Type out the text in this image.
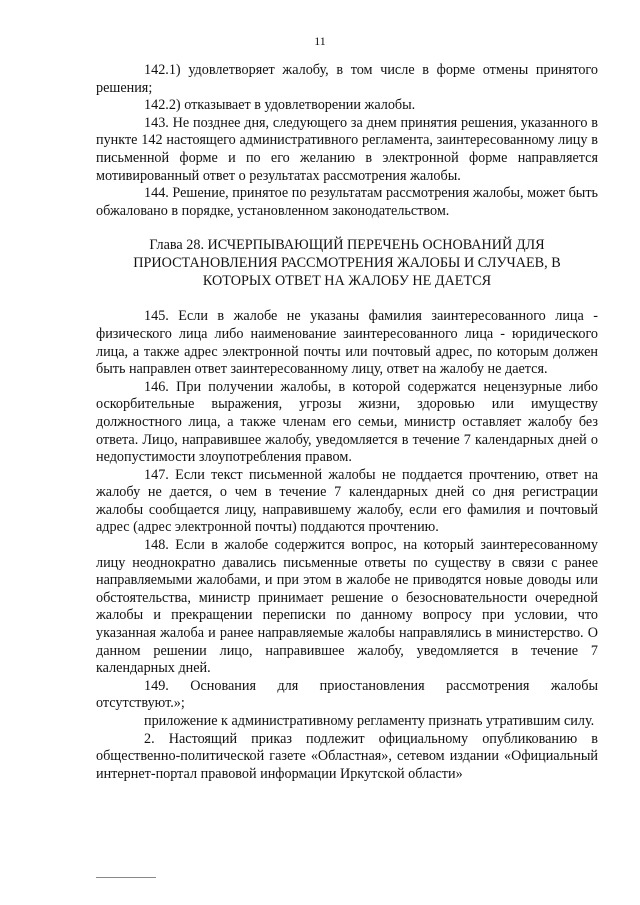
11

142.1) удовлетворяет жалобу, в том числе в форме отмены принятого решения;

142.2) отказывает в удовлетворении жалобы.

143. Не позднее дня, следующего за днем принятия решения, указанного в пункте 142 настоящего административного регламента, заинтересованному лицу в письменной форме и по его желанию в электронной форме направляется мотивированный ответ о результатах рассмотрения жалобы.

144. Решение, принятое по результатам рассмотрения жалобы, может быть обжаловано в порядке, установленном законодательством.

Глава 28. ИСЧЕРПЫВАЮЩИЙ ПЕРЕЧЕНЬ ОСНОВАНИЙ ДЛЯ ПРИОСТАНОВЛЕНИЯ РАССМОТРЕНИЯ ЖАЛОБЫ И СЛУЧАЕВ, В КОТОРЫХ ОТВЕТ НА ЖАЛОБУ НЕ ДАЕТСЯ

145. Если в жалобе не указаны фамилия заинтересованного лица - физического лица либо наименование заинтересованного лица - юридического лица, а также адрес электронной почты или почтовый адрес, по которым должен быть направлен ответ заинтересованному лицу, ответ на жалобу не дается.

146. При получении жалобы, в которой содержатся нецензурные либо оскорбительные выражения, угрозы жизни, здоровью или имуществу должностного лица, а также членам его семьи, министр оставляет жалобу без ответа. Лицо, направившее жалобу, уведомляется в течение 7 календарных дней о недопустимости злоупотребления правом.

147. Если текст письменной жалобы не поддается прочтению, ответ на жалобу не дается, о чем в течение 7 календарных дней со дня регистрации жалобы сообщается лицу, направившему жалобу, если его фамилия и почтовый адрес (адрес электронной почты) поддаются прочтению.

148. Если в жалобе содержится вопрос, на который заинтересованному лицу неоднократно давались письменные ответы по существу в связи с ранее направляемыми жалобами, и при этом в жалобе не приводятся новые доводы или обстоятельства, министр принимает решение о безосновательности очередной жалобы и прекращении переписки по данному вопросу при условии, что указанная жалоба и ранее направляемые жалобы направлялись в министерство. О данном решении лицо, направившее жалобу, уведомляется в течение 7 календарных дней.

149. Основания для приостановления рассмотрения жалобы отсутствуют.»;

приложение к административному регламенту признать утратившим силу.

2. Настоящий приказ подлежит официальному опубликованию в общественно-политической газете «Областная», сетевом издании «Официальный интернет-портал правовой информации Иркутской области»
